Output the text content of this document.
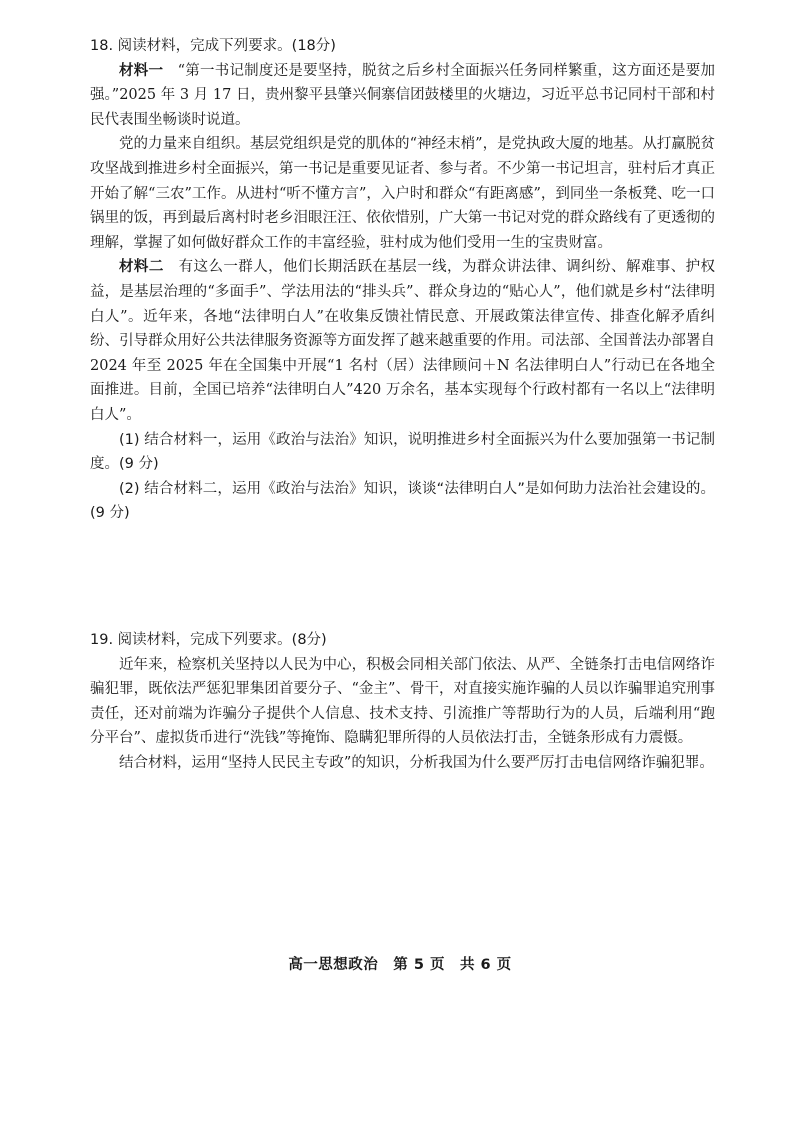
18. 阅读材料，完成下列要求。(18分)

材料一  “第一书记制度还是要坚持，脱贫之后乡村全面振兴任务同样繁重，这方面还是要加强。”2025 年 3 月 17 日，贵州黎平县肇兴侗寨信团鼓楼里的火塘边，习近平总书记同村干部和村民代表围坐畅谈时说道。

党的力量来自组织。基层党组织是党的肌体的“神经末梢”，是党执政大厦的地基。从打赢脱贫攻坚战到推进乡村全面振兴，第一书记是重要见证者、参与者。不少第一书记坦言，驻村后才真正开始了解“三农”工作。从进村“听不懂方言”，入户时和群众“有距离感”，到同坐一条板凳、吃一口锅里的饭，再到最后离村时老乡泪眼汪汪、依依惜别，广大第一书记对党的群众路线有了更透彻的理解，掌握了如何做好群众工作的丰富经验，驻村成为他们受用一生的宝贵财富。

材料二  有这么一群人，他们长期活跃在基层一线，为群众讲法律、调纠纷、解难事、护权益，是基层治理的“多面手”、学法用法的“排头兵”、群众身边的“贴心人”，他们就是乡村“法律明白人”。近年来，各地“法律明白人”在收集反馈社情民意、开展政策法律宣传、排查化解矛盾纠纷、引导群众用好公共法律服务资源等方面发挥了越来越重要的作用。司法部、全国普法办部署自 2024 年至 2025 年在全国集中开展“1 名村（居）法律顾问＋N 名法律明白人”行动已在各地全面推进。目前，全国已培养“法律明白人”420 万余名，基本实现每个行政村都有一名以上“法律明白人”。

(1) 结合材料一，运用《政治与法治》知识，说明推进乡村全面振兴为什么要加强第一书记制度。(9 分)

(2) 结合材料二，运用《政治与法治》知识，谈谈“法律明白人”是如何助力法治社会建设的。(9 分)

19. 阅读材料，完成下列要求。(8分)

近年来，检察机关坚持以人民为中心，积极会同相关部门依法、从严、全链条打击电信网络诈骗犯罪，既依法严惩犯罪集团首要分子、“金主”、骨干，对直接实施诈骗的人员以诈骗罪追究刑事责任，还对前端为诈骗分子提供个人信息、技术支持、引流推广等帮助行为的人员，后端利用“跑分平台”、虚拟货币进行“洗钱”等掩饰、隐瞒犯罪所得的人员依法打击，全链条形成有力震慑。

结合材料，运用“坚持人民民主专政”的知识，分析我国为什么要严厉打击电信网络诈骗犯罪。

高一思想政治　第 5 页　共 6 页
